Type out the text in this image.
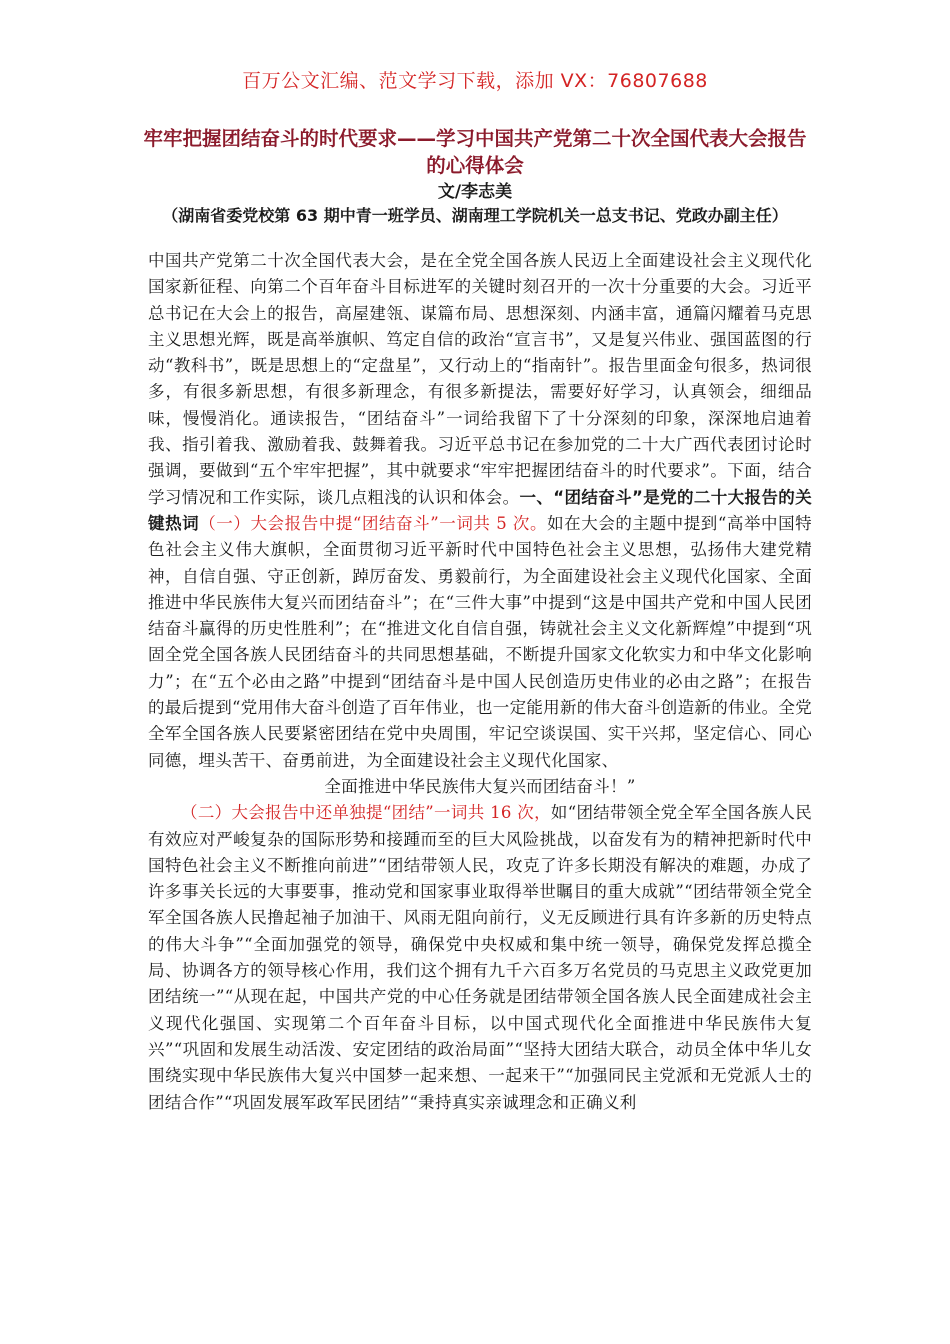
百万公文汇编、范文学习下载，添加 VX：76807688
牢牢把握团结奋斗的时代要求——学习中国共产党第二十次全国代表大会报告的心得体会
文/李志美
（湖南省委党校第 63 期中青一班学员、湖南理工学院机关一总支书记、党政办副主任）

中国共产党第二十次全国代表大会，是在全党全国各族人民迈上全面建设社会主义现代化国家新征程、向第二个百年奋斗目标进军的关键时刻召开的一次十分重要的大会。习近平总书记在大会上的报告，高屋建瓴、谋篇布局、思想深刻、内涵丰富，通篇闪耀着马克思主义思想光辉，既是高举旗帜、笃定自信的政治“宣言书”，又是复兴伟业、强国蓝图的行动“教科书”，既是思想上的“定盘星”，又行动上的“指南针”。报告里面金句很多，热词很多，有很多新思想，有很多新理念，有很多新提法，需要好好学习，认真领会，细细品味，慢慢消化。通读报告，“团结奋斗”一词给我留下了十分深刻的印象，深深地启迪着我、指引着我、激励着我、鼓舞着我。习近平总书记在参加党的二十大广西代表团讨论时强调，要做到“五个牢牢把握”，其中就要求“牢牢把握团结奋斗的时代要求”。下面，结合学习情况和工作实际，谈几点粗浅的认识和体会。一、“团结奋斗”是党的二十大报告的关键热词（一）大会报告中提“团结奋斗”一词共 5 次。如在大会的主题中提到“高举中国特色社会主义伟大旗帜，全面贯彻习近平新时代中国特色社会主义思想，弘扬伟大建党精神，自信自强、守正创新，踔厉奋发、勇毅前行，为全面建设社会主义现代化国家、全面推进中华民族伟大复兴而团结奋斗”；在“三件大事”中提到“这是中国共产党和中国人民团结奋斗赢得的历史性胜利”；在“推进文化自信自强，铸就社会主义文化新辉煌”中提到“巩固全党全国各族人民团结奋斗的共同思想基础，不断提升国家文化软实力和中华文化影响力”；在“五个必由之路”中提到“团结奋斗是中国人民创造历史伟业的必由之路”；在报告的最后提到“党用伟大奋斗创造了百年伟业，也一定能用新的伟大奋斗创造新的伟业。全党全军全国各族人民要紧密团结在党中央周围，牢记空谈误国、实干兴邦，坚定信心、同心同德，埋头苦干、奋勇前进，为全面建设社会主义现代化国家、

全面推进中华民族伟大复兴而团结奋斗！”

（二）大会报告中还单独提“团结”一词共 16 次，如“团结带领全党全军全国各族人民有效应对严峻复杂的国际形势和接踵而至的巨大风险挑战，以奋发有为的精神把新时代中国特色社会主义不断推向前进”“团结带领人民，攻克了许多长期没有解决的难题，办成了许多事关长远的大事要事，推动党和国家事业取得举世瞩目的重大成就”“团结带领全党全军全国各族人民撸起袖子加油干、风雨无阻向前行，义无反顾进行具有许多新的历史特点的伟大斗争”“全面加强党的领导，确保党中央权威和集中统一领导，确保党发挥总揽全局、协调各方的领导核心作用，我们这个拥有九千六百多万名党员的马克思主义政党更加团结统一”“从现在起，中国共产党的中心任务就是团结带领全国各族人民全面建成社会主义现代化强国、实现第二个百年奋斗目标，以中国式现代化全面推进中华民族伟大复兴”“巩固和发展生动活泼、安定团结的政治局面”“坚持大团结大联合，动员全体中华儿女围绕实现中华民族伟大复兴中国梦一起来想、一起来干”“加强同民主党派和无党派人士的团结合作”“巩固发展军政军民团结”“秉持真实亲诚理念和正确义利
